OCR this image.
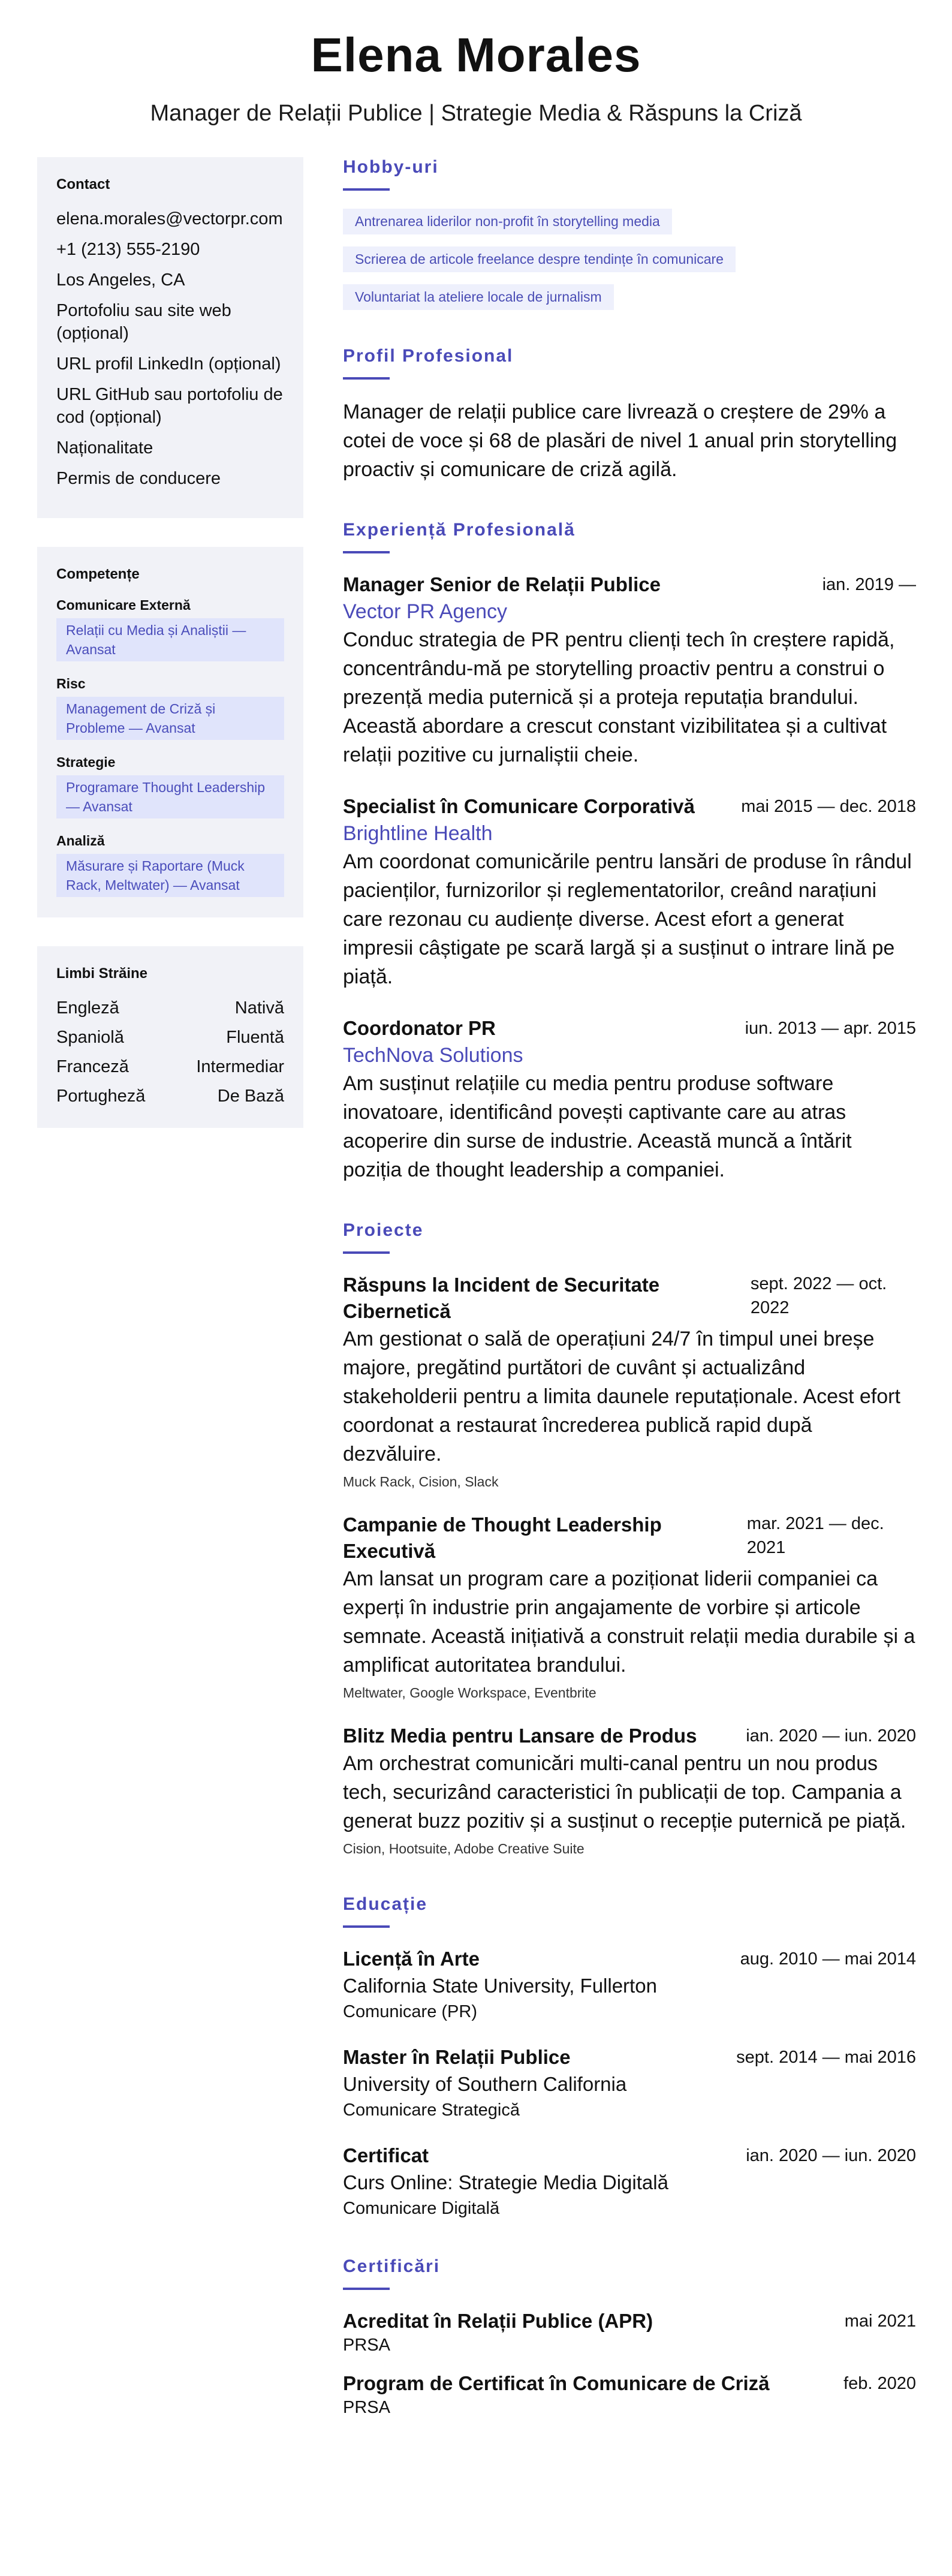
Elena Morales
Manager de Relații Publice | Strategie Media & Răspuns la Criză
Contact
elena.morales@vectorpr.com
+1 (213) 555-2190
Los Angeles, CA
Portofoliu sau site web (opțional)
URL profil LinkedIn (opțional)
URL GitHub sau portofoliu de cod (opțional)
Naționalitate
Permis de conducere
Competențe
Comunicare Externă
Relații cu Media și Analiștii — Avansat
Risc
Management de Criză și Probleme — Avansat
Strategie
Programare Thought Leadership — Avansat
Analiză
Măsurare și Raportare (Muck Rack, Meltwater) — Avansat
Limbi Străine
Engleză	Nativă
Spaniolă	Fluentă
Franceză	Intermediar
Portugheză	De Bază
Hobby-uri
Antrenarea liderilor non-profit în storytelling media
Scrierea de articole freelance despre tendințe în comunicare
Voluntariat la ateliere locale de jurnalism
Profil Profesional
Manager de relații publice care livrează o creștere de 29% a cotei de voce și 68 de plasări de nivel 1 anual prin storytelling proactiv și comunicare de criză agilă.
Experiență Profesională
Manager Senior de Relații Publice	ian. 2019 —
Vector PR Agency
Conduc strategia de PR pentru clienți tech în creștere rapidă, concentrându-mă pe storytelling proactiv pentru a construi o prezență media puternică și a proteja reputația brandului. Această abordare a crescut constant vizibilitatea și a cultivat relații pozitive cu jurnaliștii cheie.
Specialist în Comunicare Corporativă	mai 2015 — dec. 2018
Brightline Health
Am coordonat comunicările pentru lansări de produse în rândul pacienților, furnizorilor și reglementatorilor, creând narațiuni care rezonau cu audiențe diverse. Acest efort a generat impresii câștigate pe scară largă și a susținut o intrare lină pe piață.
Coordonator PR	iun. 2013 — apr. 2015
TechNova Solutions
Am susținut relațiile cu media pentru produse software inovatoare, identificând povești captivante care au atras acoperire din surse de industrie. Această muncă a întărit poziția de thought leadership a companiei.
Proiecte
Răspuns la Incident de Securitate Cibernetică
sept. 2022 — oct. 2022
Am gestionat o sală de operațiuni 24/7 în timpul unei breșe majore, pregătind purtători de cuvânt și actualizând stakeholderii pentru a limita daunele reputaționale. Acest efort coordonat a restaurat încrederea publică rapid după dezvăluire.
Muck Rack, Cision, Slack
Campanie de Thought Leadership Executivă
mar. 2021 — dec. 2021
Am lansat un program care a poziționat liderii companiei ca experți în industrie prin angajamente de vorbire și articole semnate. Această inițiativă a construit relații media durabile și a amplificat autoritatea brandului.
Meltwater, Google Workspace, Eventbrite
Blitz Media pentru Lansare de Produs	ian. 2020 — iun. 2020
Am orchestrat comunicări multi-canal pentru un nou produs tech, securizând caracteristici în publicații de top. Campania a generat buzz pozitiv și a susținut o recepție puternică pe piață.
Cision, Hootsuite, Adobe Creative Suite
Educație
Licență în Arte	aug. 2010 — mai 2014
California State University, Fullerton
Comunicare (PR)
Master în Relații Publice	sept. 2014 — mai 2016
University of Southern California
Comunicare Strategică
Certificat	ian. 2020 — iun. 2020
Curs Online: Strategie Media Digitală
Comunicare Digitală
Certificări
Acreditat în Relații Publice (APR)	mai 2021
PRSA
Program de Certificat în Comunicare de Criză	feb. 2020
PRSA
